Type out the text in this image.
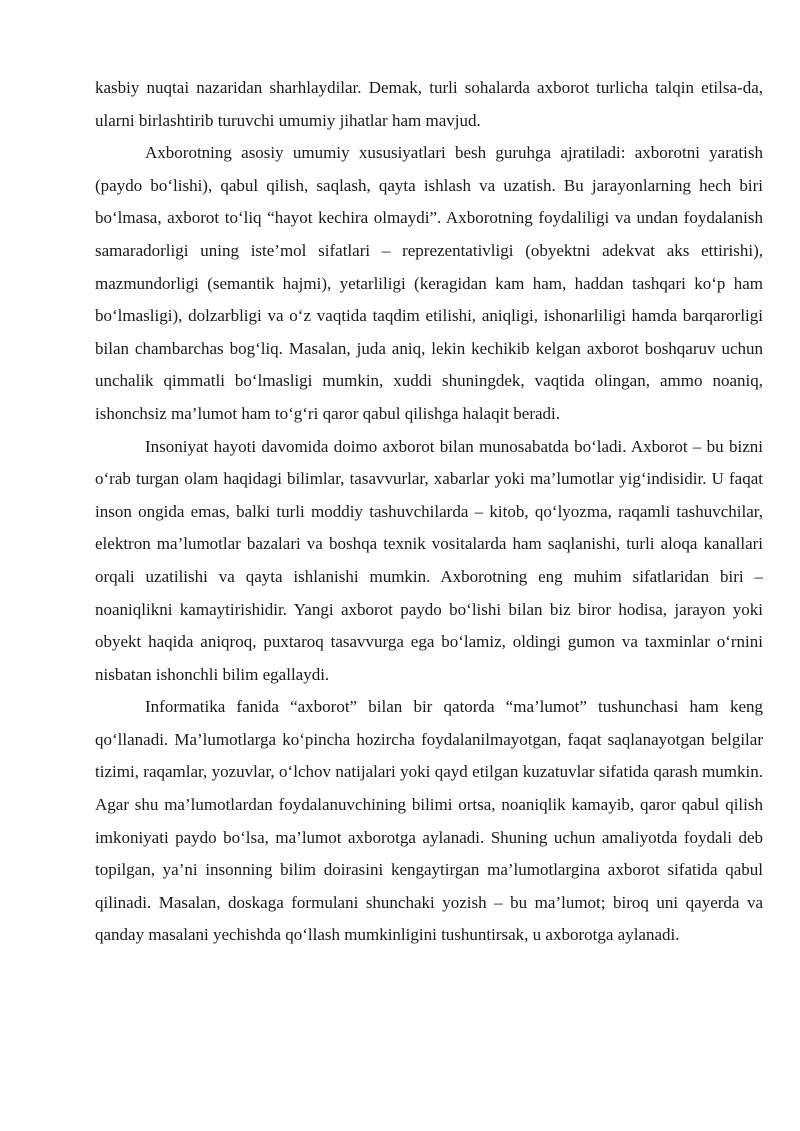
kasbiy nuqtai nazaridan sharhlaydilar. Demak, turli sohalarda axborot turlicha talqin etilsa-da, ularni birlashtirib turuvchi umumiy jihatlar ham mavjud.

Axborotning asosiy umumiy xususiyatlari besh guruhga ajratiladi: axborotni yaratish (paydo bo‘lishi), qabul qilish, saqlash, qayta ishlash va uzatish. Bu jarayonlarning hech biri bo‘lmasa, axborot to‘liq “hayot kechira olmaydi”. Axborotning foydaliligi va undan foydalanish samaradorligi uning iste’mol sifatlari – reprezentativligi (obyektni adekvat aks ettirishi), mazmundorligi (semantik hajmi), yetarliligi (keragidan kam ham, haddan tashqari ko‘p ham bo‘lmasligi), dolzarbligi va o‘z vaqtida taqdim etilishi, aniqligi, ishonarliligi hamda barqarorligi bilan chambarchas bog‘liq. Masalan, juda aniq, lekin kechikib kelgan axborot boshqaruv uchun unchalik qimmatli bo‘lmasligi mumkin, xuddi shuningdek, vaqtida olingan, ammo noaniq, ishonchsiz ma’lumot ham to‘g‘ri qaror qabul qilishga halaqit beradi.

Insoniyat hayoti davomida doimo axborot bilan munosabatda bo‘ladi. Axborot – bu bizni o‘rab turgan olam haqidagi bilimlar, tasavvurlar, xabarlar yoki ma’lumotlar yig‘indisidir. U faqat inson ongida emas, balki turli moddiy tashuvchilarda – kitob, qo‘lyozma, raqamli tashuvchilar, elektron ma’lumotlar bazalari va boshqa texnik vositalarda ham saqlanishi, turli aloqa kanallari orqali uzatilishi va qayta ishlanishi mumkin. Axborotning eng muhim sifatlaridan biri – noaniqlikni kamaytirishidir. Yangi axborot paydo bo‘lishi bilan biz biror hodisa, jarayon yoki obyekt haqida aniqroq, puxtaroq tasavvurga ega bo‘lamiz, oldingi gumon va taxminlar o‘rnini nisbatan ishonchli bilim egallaydi.

Informatika fanida “axborot” bilan bir qatorda “ma’lumot” tushunchasi ham keng qo‘llanadi. Ma’lumotlarga ko‘pincha hozircha foydalanilmayotgan, faqat saqlanayotgan belgilar tizimi, raqamlar, yozuvlar, o‘lchov natijalari yoki qayd etilgan kuzatuvlar sifatida qarash mumkin. Agar shu ma’lumotlardan foydalanuvchining bilimi ortsa, noaniqlik kamayib, qaror qabul qilish imkoniyati paydo bo‘lsa, ma’lumot axborotga aylanadi. Shuning uchun amaliyotda foydali deb topilgan, ya’ni insonning bilim doirasini kengaytirgan ma’lumotlargina axborot sifatida qabul qilinadi. Masalan, doskaga formulani shunchaki yozish – bu ma’lumot; biroq uni qayerda va qanday masalani yechishda qo‘llash mumkinligini tushuntirsak, u axborotga aylanadi.
